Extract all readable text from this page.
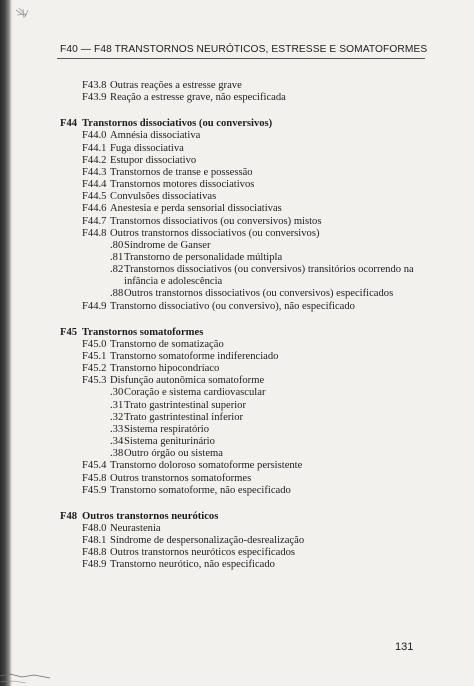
F40 — F48 TRANSTORNOS NEURÓTICOS, ESTRESSE E SOMATOFORMES
F43.8 Outras reações a estresse grave
F43.9 Reação a estresse grave, não especificada
F44 Transtornos dissociativos (ou conversivos)
F44.0 Amnésia dissociativa
F44.1 Fuga dissociativa
F44.2 Estupor dissociativo
F44.3 Transtornos de transe e possessão
F44.4 Transtornos motores dissociativos
F44.5 Convulsões dissociativas
F44.6 Anestesia e perda sensorial dissociativas
F44.7 Transtornos dissociativos (ou conversivos) mistos
F44.8 Outros transtornos dissociativos (ou conversivos)
.80 Síndrome de Ganser
.81 Transtorno de personalidade múltipla
.82 Transtornos dissociativos (ou conversivos) transitórios ocorrendo na
infância e adolescência
.88 Outros transtornos dissociativos (ou conversivos) especificados
F44.9 Transtorno dissociativo (ou conversivo), não especificado
F45 Transtornos somatoformes
F45.0 Transtorno de somatização
F45.1 Transtorno somatoforme indiferenciado
F45.2 Transtorno hipocondríaco
F45.3 Disfunção autonômica somatoforme
.30 Coração e sistema cardiovascular
.31 Trato gastrintestinal superior
.32 Trato gastrintestinal inferior
.33 Sistema respiratório
.34 Sistema geniturinário
.38 Outro órgão ou sistema
F45.4 Transtorno doloroso somatoforme persistente
F45.8 Outros transtornos somatoformes
F45.9 Transtorno somatoforme, não especificado
F48 Outros transtornos neuróticos
F48.0 Neurastenia
F48.1 Síndrome de despersonalização-desrealização
F48.8 Outros transtornos neuróticos especificados
F48.9 Transtorno neurótico, não especificado
131
